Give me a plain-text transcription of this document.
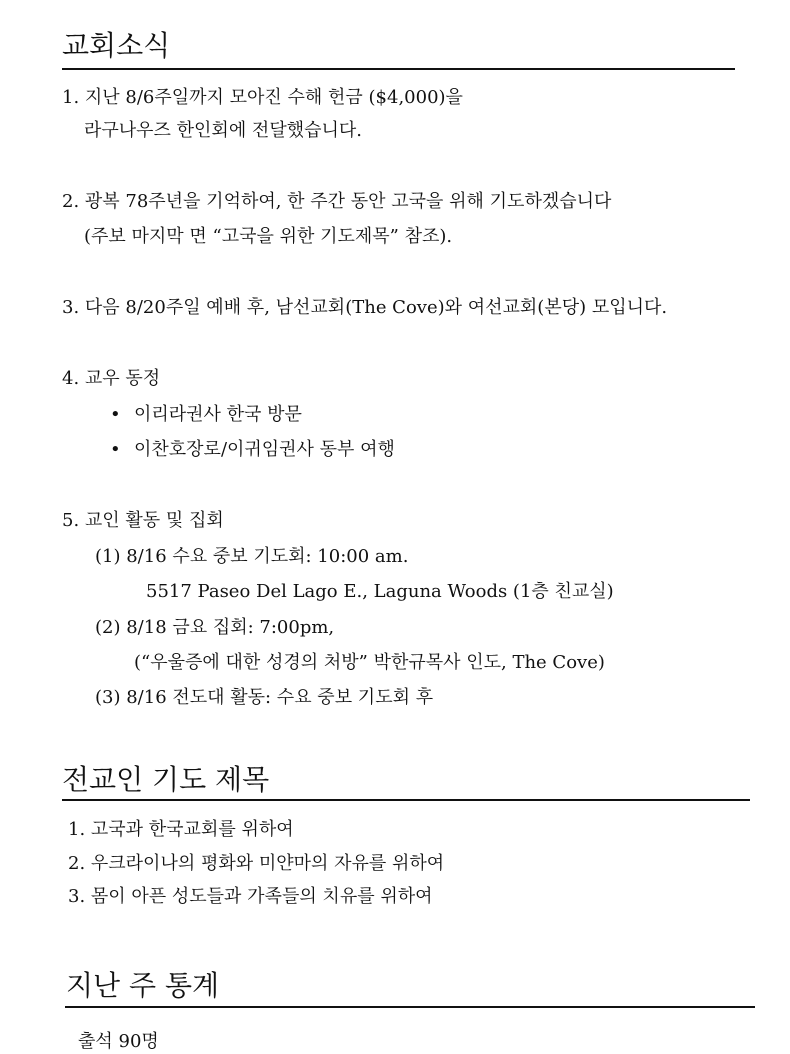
교회소식
1. 지난 8/6주일까지 모아진 수해 헌금 ($4,000)을
라구나우즈 한인회에 전달했습니다.
2. 광복 78주년을 기억하여, 한 주간 동안 고국을 위해 기도하겠습니다
(주보 마지막 면 “고국을 위한 기도제목” 참조).
3. 다음 8/20주일 예배 후, 남선교회(The Cove)와 여선교회(본당) 모입니다.
4. 교우 동정
• 이리라권사 한국 방문
• 이찬호장로/이귀임권사 동부 여행
5. 교인 활동 및 집회
(1) 8/16 수요 중보 기도회: 10:00 am.
5517 Paseo Del Lago E., Laguna Woods (1층 친교실)
(2) 8/18 금요 집회: 7:00pm,
(“우울증에 대한 성경의 처방” 박한규목사 인도, The Cove)
(3) 8/16 전도대 활동: 수요 중보 기도회 후
전교인 기도 제목
1. 고국과 한국교회를 위하여
2. 우크라이나의 평화와 미얀마의 자유를 위하여
3. 몸이 아픈 성도들과 가족들의 치유를 위하여
지난 주 통계
출석 90명
